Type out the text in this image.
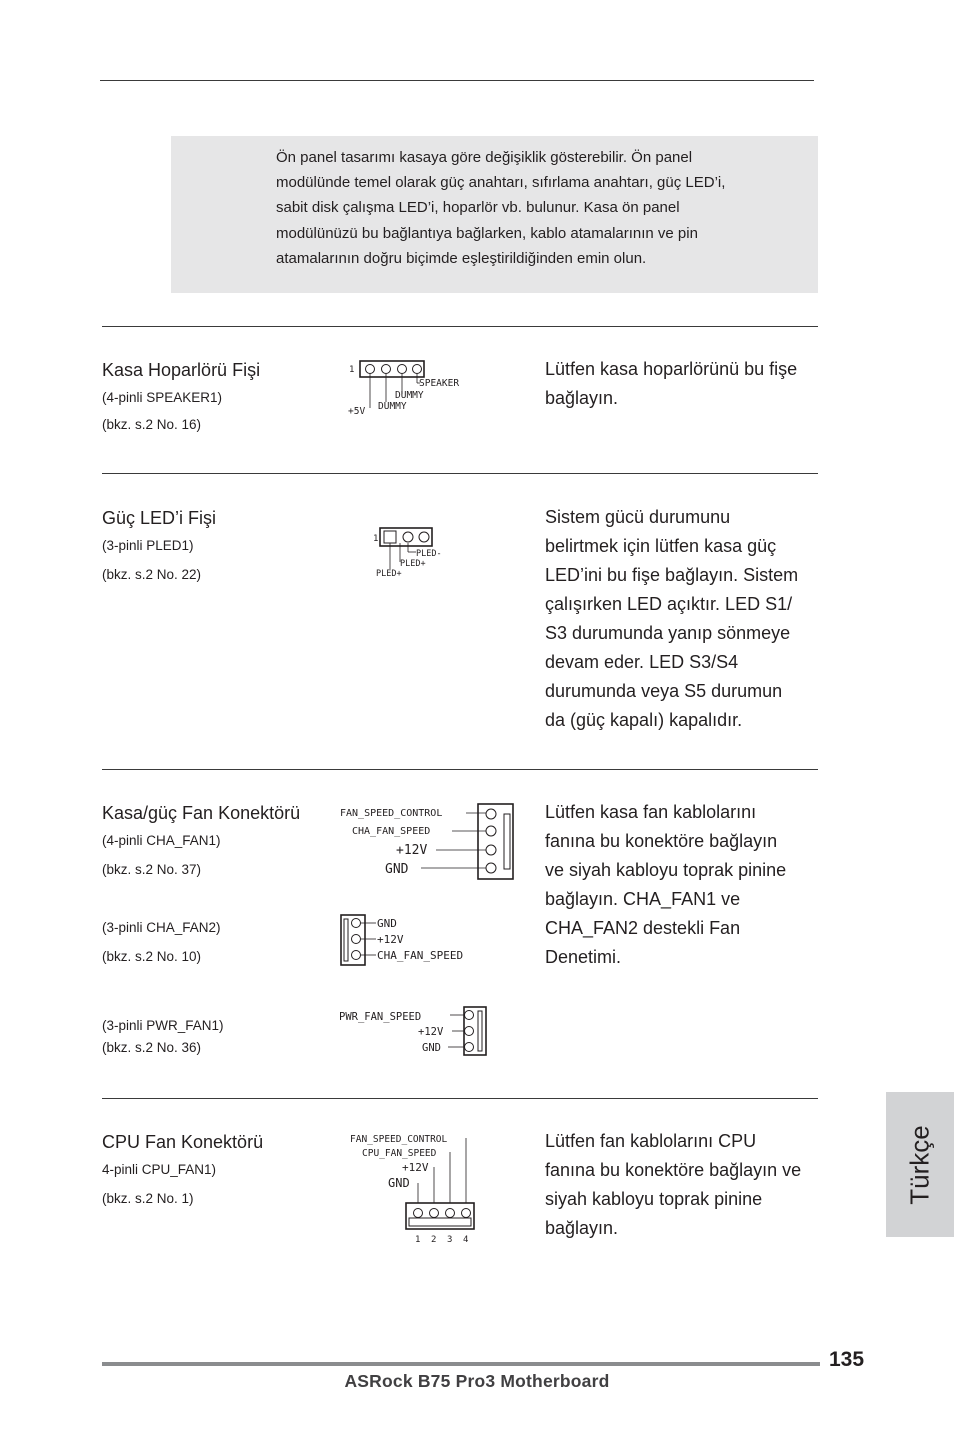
Ön panel tasarımı kasaya göre değişiklik gösterebilir. Ön panel
modülünde temel olarak güç anahtarı, sıfırlama anahtarı, güç LED’i,
sabit disk çalışma LED’i, hoparlör vb. bulunur. Kasa ön panel
modülünüzü bu bağlantıya bağlarken, kablo atamalarının ve pin
atamalarının doğru biçimde eşleştirildiğinden emin olun.
Kasa Hoparlörü Fişi
(4-pinli SPEAKER1)
(bkz. s.2 No. 16)
Lütfen kasa hoparlörünü bu fişe
bağlayın.
1
SPEAKER
DUMMY
DUMMY
+5V
Güç LED’i Fişi
(3-pinli PLED1)
(bkz. s.2 No. 22)
Sistem gücü durumunu
belirtmek için lütfen kasa güç
LED’ini bu fişe bağlayın. Sistem
çalışırken LED açıktır. LED S1/
S3 durumunda yanıp sönmeye
devam eder. LED S3/S4
durumunda veya S5 durumun
da (güç kapalı) kapalıdır.
1
PLED-
PLED+
PLED+
Kasa/güç Fan Konektörü
(4-pinli CHA_FAN1)
(bkz. s.2 No. 37)
(3-pinli CHA_FAN2)
(bkz. s.2 No. 10)
(3-pinli PWR_FAN1)
(bkz. s.2 No. 36)
Lütfen kasa fan kablolarını
fanına bu konektöre bağlayın
ve siyah kabloyu toprak pinine
bağlayın. CHA_FAN1 ve
CHA_FAN2 destekli Fan
Denetimi.
FAN_SPEED_CONTROL
CHA_FAN_SPEED
+12V
GND
GND
+12V
CHA_FAN_SPEED
PWR_FAN_SPEED
+12V
GND
CPU Fan Konektörü
4-pinli CPU_FAN1)
(bkz. s.2 No. 1)
Lütfen fan kablolarını CPU
fanına bu konektöre bağlayın ve
siyah kabloyu toprak pinine
bağlayın.
FAN_SPEED_CONTROL
CPU_FAN_SPEED
+12V
GND
1 2 3 4
Türkçe
135
ASRock B75 Pro3 Motherboard
